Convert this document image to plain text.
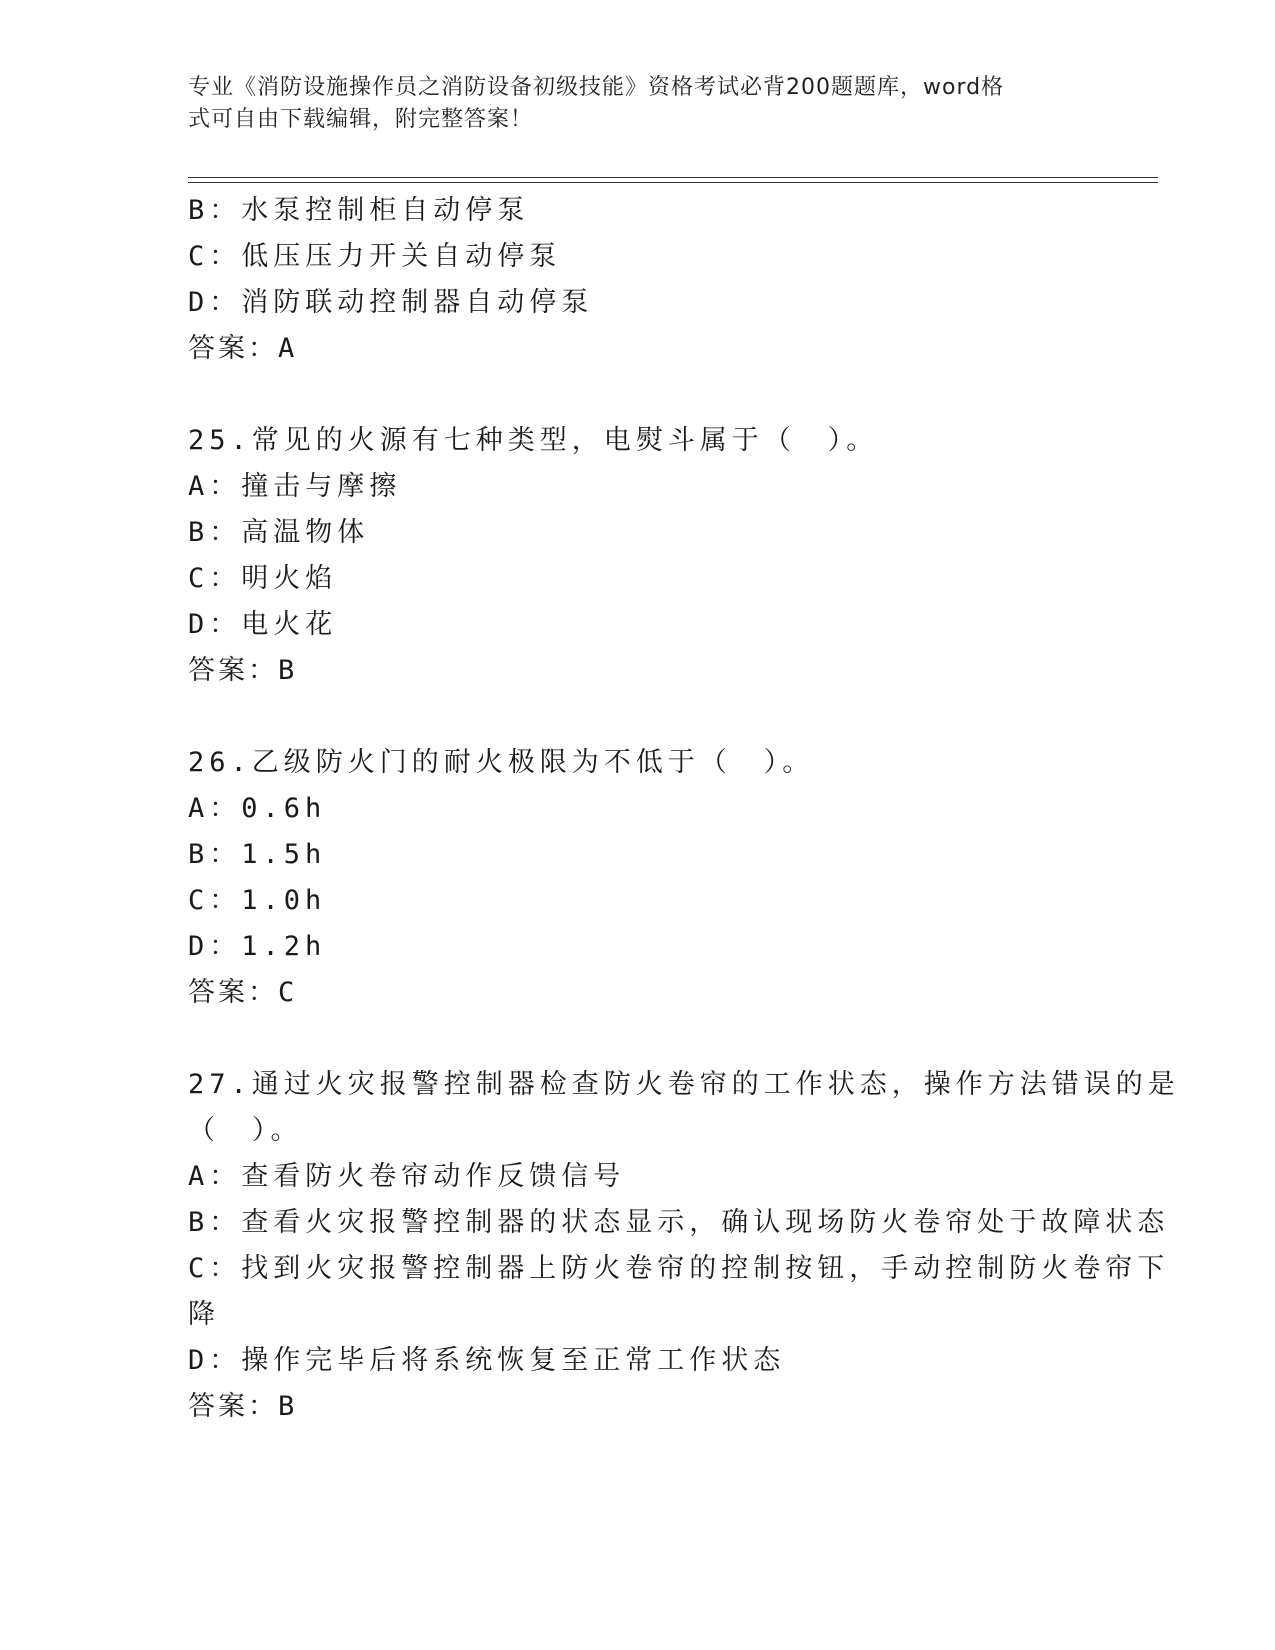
专业《消防设施操作员之消防设备初级技能》资格考试必背200题题库，word格
式可自由下载编辑，附完整答案！
B：水泵控制柜自动停泵
C：低压压力开关自动停泵
D：消防联动控制器自动停泵
答案：A
25.常见的火源有七种类型，电熨斗属于（　）。
A：撞击与摩擦
B：高温物体
C：明火焰
D：电火花
答案：B
26.乙级防火门的耐火极限为不低于（　）。
A：0.6h
B：1.5h
C：1.0h
D：1.2h
答案：C
27.通过火灾报警控制器检查防火卷帘的工作状态，操作方法错误的是
（　）。
A：查看防火卷帘动作反馈信号
B：查看火灾报警控制器的状态显示，确认现场防火卷帘处于故障状态
C：找到火灾报警控制器上防火卷帘的控制按钮，手动控制防火卷帘下
降
D：操作完毕后将系统恢复至正常工作状态
答案：B
